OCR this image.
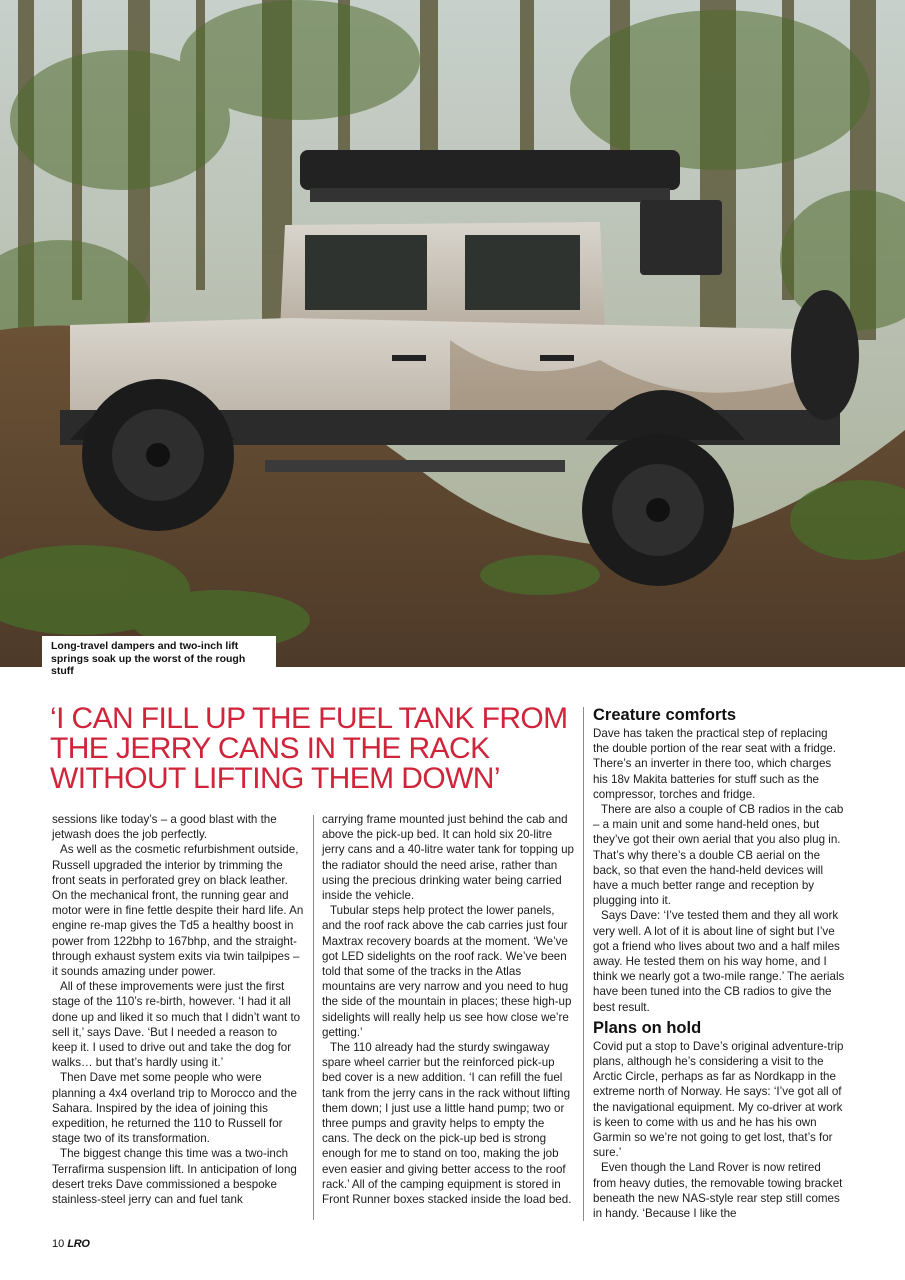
Long-travel dampers and two-inch lift springs soak up the worst of the rough stuff
‘I CAN FILL UP THE FUEL TANK FROM
THE JERRY CANS IN THE RACK
WITHOUT LIFTING THEM DOWN’

sessions like today’s – a good blast with the jetwash does the job perfectly.

As well as the cosmetic refurbishment outside, Russell upgraded the interior by trimming the front seats in perforated grey on black leather. On the mechanical front, the running gear and motor were in fine fettle despite their hard life. An engine re-map gives the Td5 a healthy boost in power from 122bhp to 167bhp, and the straight-through exhaust system exits via twin tailpipes – it sounds amazing under power.

All of these improvements were just the first stage of the 110’s re-birth, however. ‘I had it all done up and liked it so much that I didn’t want to sell it,’ says Dave. ‘But I needed a reason to keep it. I used to drive out and take the dog for walks… but that’s hardly using it.’

Then Dave met some people who were planning a 4x4 overland trip to Morocco and the Sahara. Inspired by the idea of joining this expedition, he returned the 110 to Russell for stage two of its transformation.

The biggest change this time was a two-inch Terrafirma suspension lift. In anticipation of long desert treks Dave commissioned a bespoke stainless-steel jerry can and fuel tank

carrying frame mounted just behind the cab and above the pick-up bed. It can hold six 20-litre jerry cans and a 40-litre water tank for topping up the radiator should the need arise, rather than using the precious drinking water being carried inside the vehicle.

Tubular steps help protect the lower panels, and the roof rack above the cab carries just four Maxtrax recovery boards at the moment. ‘We’ve got LED sidelights on the roof rack. We’ve been told that some of the tracks in the Atlas mountains are very narrow and you need to hug the side of the mountain in places; these high-up sidelights will really help us see how close we’re getting.’

The 110 already had the sturdy swingaway spare wheel carrier but the reinforced pick-up bed cover is a new addition. ‘I can refill the fuel tank from the jerry cans in the rack without lifting them down; I just use a little hand pump; two or three pumps and gravity helps to empty the cans. The deck on the pick-up bed is strong enough for me to stand on too, making the job even easier and giving better access to the roof rack.’ All of the camping equipment is stored in Front Runner boxes stacked inside the load bed.

Creature comforts

Dave has taken the practical step of replacing the double portion of the rear seat with a fridge. There’s an inverter in there too, which charges his 18v Makita batteries for stuff such as the compressor, torches and fridge.

There are also a couple of CB radios in the cab – a main unit and some hand-held ones, but they’ve got their own aerial that you also plug in. That’s why there’s a double CB aerial on the back, so that even the hand-held devices will have a much better range and reception by plugging into it.

Says Dave: ‘I’ve tested them and they all work very well. A lot of it is about line of sight but I’ve got a friend who lives about two and a half miles away. He tested them on his way home, and I think we nearly got a two-mile range.’ The aerials have been tuned into the CB radios to give the best result.

Plans on hold

Covid put a stop to Dave’s original adventure-trip plans, although he’s considering a visit to the Arctic Circle, perhaps as far as Nordkapp in the extreme north of Norway. He says: ‘I’ve got all of the navigational equipment. My co-driver at work is keen to come with us and he has his own Garmin so we’re not going to get lost, that’s for sure.’

Even though the Land Rover is now retired from heavy duties, the removable towing bracket beneath the new NAS-style rear step still comes in handy. ‘Because I like the

10 LRO
